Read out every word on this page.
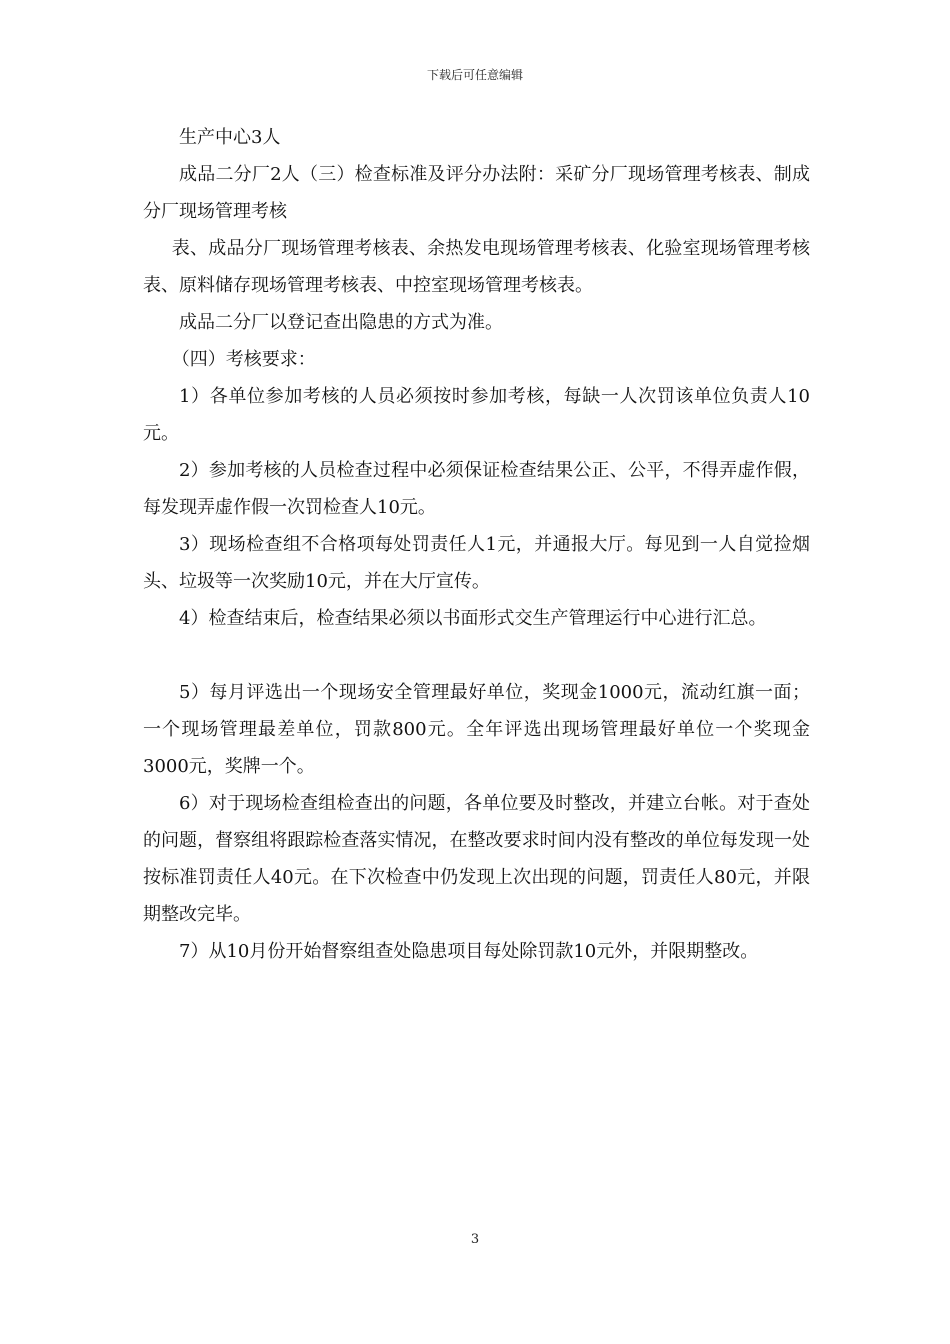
下载后可任意编辑

生产中心3人

成品二分厂2人（三）检查标准及评分办法附：采矿分厂现场管理考核表、制成分厂现场管理考核

表、成品分厂现场管理考核表、余热发电现场管理考核表、化验室现场管理考核表、原料储存现场管理考核表、中控室现场管理考核表。

成品二分厂以登记查出隐患的方式为准。

（四）考核要求：

1）各单位参加考核的人员必须按时参加考核，每缺一人次罚该单位负责人10元。

2）参加考核的人员检查过程中必须保证检查结果公正、公平，不得弄虚作假，每发现弄虚作假一次罚检查人10元。

3）现场检查组不合格项每处罚责任人1元，并通报大厅。每见到一人自觉捡烟头、垃圾等一次奖励10元，并在大厅宣传。

4）检查结束后，检查结果必须以书面形式交生产管理运行中心进行汇总。

5）每月评选出一个现场安全管理最好单位，奖现金1000元，流动红旗一面；一个现场管理最差单位，罚款800元。全年评选出现场管理最好单位一个奖现金3000元，奖牌一个。

6）对于现场检查组检查出的问题，各单位要及时整改，并建立台帐。对于查处的问题，督察组将跟踪检查落实情况，在整改要求时间内没有整改的单位每发现一处按标准罚责任人40元。在下次检查中仍发现上次出现的问题，罚责任人80元，并限期整改完毕。

7）从10月份开始督察组查处隐患项目每处除罚款10元外，并限期整改。

3
